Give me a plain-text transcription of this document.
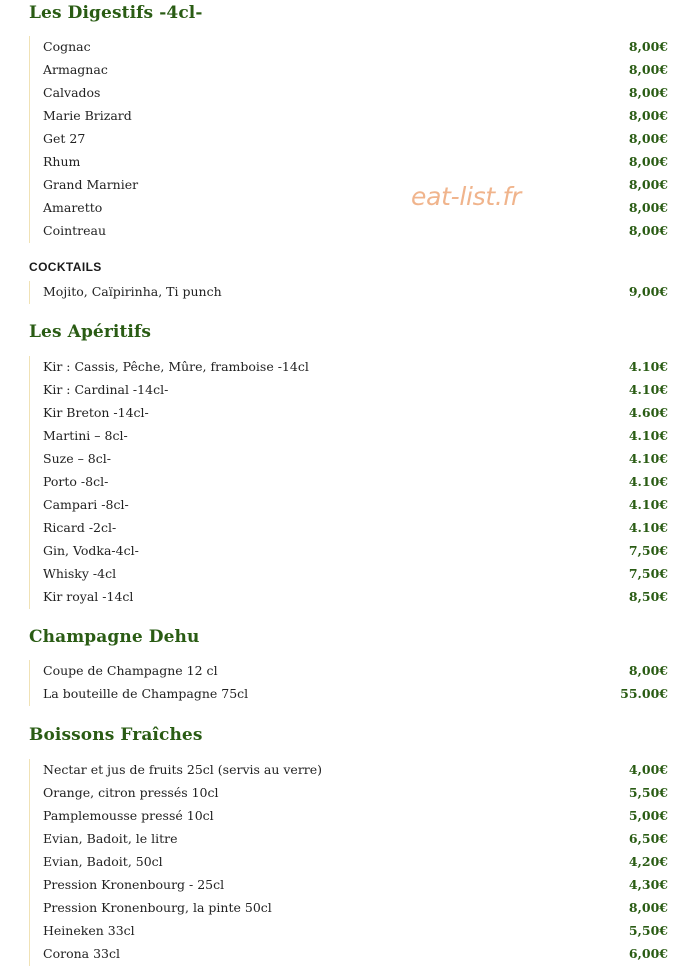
Les Digestifs -4cl-
Cognac	8,00€
Armagnac	8,00€
Calvados	8,00€
Marie Brizard	8,00€
Get 27	8,00€
Rhum	8,00€
Grand Marnier	8,00€
Amaretto	8,00€
Cointreau	8,00€
COCKTAILS
Mojito, Caïpirinha, Ti punch	9,00€
Les Apéritifs
Kir : Cassis, Pêche, Mûre, framboise -14cl	4.10€
Kir : Cardinal -14cl-	4.10€
Kir Breton -14cl-	4.60€
Martini – 8cl-	4.10€
Suze – 8cl-	4.10€
Porto -8cl-	4.10€
Campari -8cl-	4.10€
Ricard -2cl-	4.10€
Gin, Vodka-4cl-	7,50€
Whisky -4cl	7,50€
Kir royal -14cl	8,50€
Champagne Dehu
Coupe de Champagne 12 cl	8,00€
La bouteille de Champagne 75cl	55.00€
Boissons Fraîches
Nectar et jus de fruits 25cl (servis au verre)	4,00€
Orange, citron pressés 10cl	5,50€
Pamplemousse pressé 10cl	5,00€
Evian, Badoit, le litre	6,50€
Evian, Badoit, 50cl	4,20€
Pression Kronenbourg - 25cl	4,30€
Pression Kronenbourg, la pinte 50cl	8,00€
Heineken 33cl	5,50€
Corona 33cl	6,00€
eat-list.fr
